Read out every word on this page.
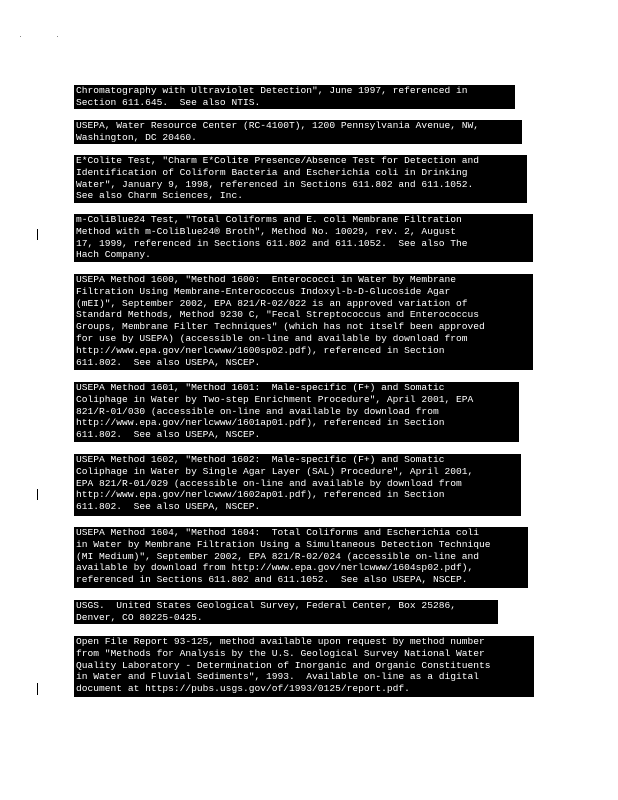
Chromatography with Ultraviolet Detection", June 1997, referenced in
Section 611.645.  See also NTIS.
USEPA, Water Resource Center (RC-4100T), 1200 Pennsylvania Avenue, NW,
Washington, DC 20460.
E*Colite Test, "Charm E*Colite Presence/Absence Test for Detection and
Identification of Coliform Bacteria and Escherichia coli in Drinking
Water", January 9, 1998, referenced in Sections 611.802 and 611.1052.
See also Charm Sciences, Inc.
m-ColiBlue24 Test, "Total Coliforms and E. coli Membrane Filtration
Method with m-ColiBlue24® Broth", Method No. 10029, rev. 2, August
17, 1999, referenced in Sections 611.802 and 611.1052.  See also The
Hach Company.
USEPA Method 1600, "Method 1600:  Enterococci in Water by Membrane
Filtration Using Membrane-Enterococcus Indoxyl-b-D-Glucoside Agar
(mEI)", September 2002, EPA 821/R-02/022 is an approved variation of
Standard Methods, Method 9230 C, "Fecal Streptococcus and Enterococcus
Groups, Membrane Filter Techniques" (which has not itself been approved
for use by USEPA) (accessible on-line and available by download from
http://www.epa.gov/nerlcwww/1600sp02.pdf), referenced in Section
611.802.  See also USEPA, NSCEP.
USEPA Method 1601, "Method 1601:  Male-specific (F+) and Somatic
Coliphage in Water by Two-step Enrichment Procedure", April 2001, EPA
821/R-01/030 (accessible on-line and available by download from
http://www.epa.gov/nerlcwww/1601ap01.pdf), referenced in Section
611.802.  See also USEPA, NSCEP.
USEPA Method 1602, "Method 1602:  Male-specific (F+) and Somatic
Coliphage in Water by Single Agar Layer (SAL) Procedure", April 2001,
EPA 821/R-01/029 (accessible on-line and available by download from
http://www.epa.gov/nerlcwww/1602ap01.pdf), referenced in Section
611.802.  See also USEPA, NSCEP.
USEPA Method 1604, "Method 1604:  Total Coliforms and Escherichia coli
in Water by Membrane Filtration Using a Simultaneous Detection Technique
(MI Medium)", September 2002, EPA 821/R-02/024 (accessible on-line and
available by download from http://www.epa.gov/nerlcwww/1604sp02.pdf),
referenced in Sections 611.802 and 611.1052.  See also USEPA, NSCEP.
USGS.  United States Geological Survey, Federal Center, Box 25286,
Denver, CO 80225-0425.
Open File Report 93-125, method available upon request by method number
from "Methods for Analysis by the U.S. Geological Survey National Water
Quality Laboratory - Determination of Inorganic and Organic Constituents
in Water and Fluvial Sediments", 1993.  Available on-line as a digital
document at https://pubs.usgs.gov/of/1993/0125/report.pdf.
